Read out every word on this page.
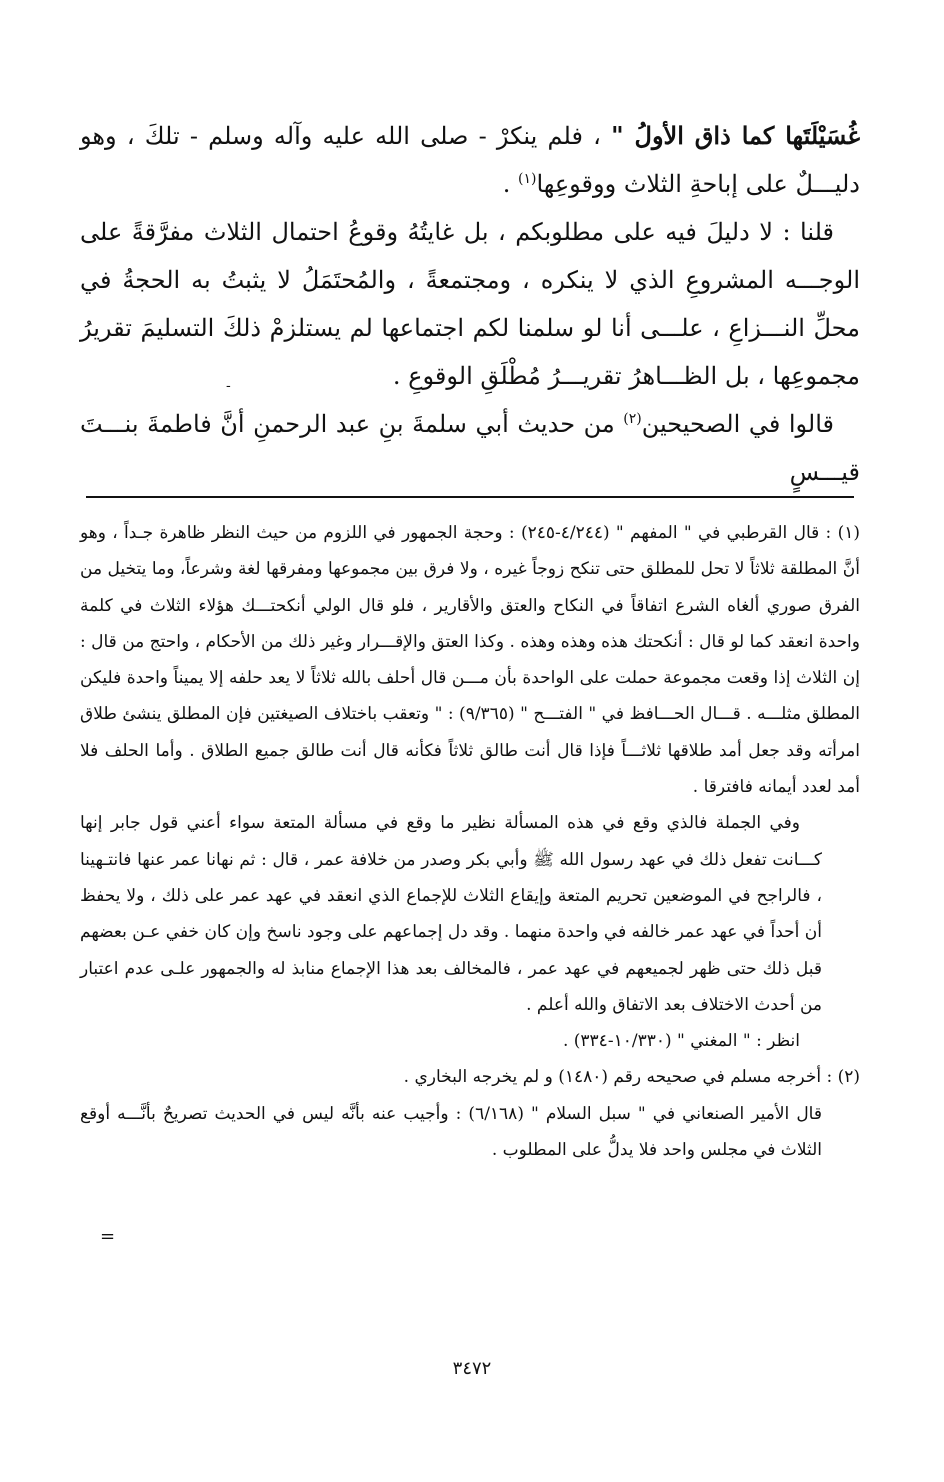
غُسَيْلَتَها كما ذاق الأولُ " ، فلم ينكرْ - صلى الله عليه وآله وسلم - تلكَ ، وهو دليـــلٌ على إباحةِ الثلاث ووقوعِها$^{(١)}$ .

قلنا : لا دليلَ فيه على مطلوبكم ، بل غايتُهُ وقوعُ احتمال الثلاث مفرَّقةً على الوجـــه المشروعِ الذي لا ينكره ، ومجتمعةً ، والمُحتَمَلُ لا يثبتُ به الحجةُ في محلِّ النـــزاعِ ، علـــى أنا لو سلمنا لكم اجتماعها لم يستلزمْ ذلكَ التسليمَ تقريرُ مجموعِها ، بل الظـــاهرُ تقريـــرُ مُطْلَقِ الوقوعِ .

قالوا في الصحيحين$^{(٢)}$ من حديث أبي سلمةَ بنِ عبد الرحمنِ أنَّ فاطمةَ بنـــتَ قيـــسٍ

-

(١) : قال القرطبي في " المفهم " (٤/٢٤٤-٢٤٥) : وحجة الجمهور في اللزوم من حيث النظر ظاهرة جـداً ، وهو أنَّ المطلقة ثلاثاً لا تحل للمطلق حتى تنكح زوجاً غيره ، ولا فرق بين مجموعها ومفرقها لغة وشرعاً، وما يتخيل من الفرق صوري ألغاه الشرع اتفاقاً في النكاح والعتق والأقارير ، فلو قال الولي أنكحتـــك هؤلاء الثلاث في كلمة واحدة انعقد كما لو قال : أنكحتك هذه وهذه وهذه . وكذا العتق والإقـــرار وغير ذلك من الأحكام ، واحتج من قال : إن الثلاث إذا وقعت مجموعة حملت على الواحدة بأن مـــن قال أحلف بالله ثلاثاً لا يعد حلفه إلا يميناً واحدة فليكن المطلق مثلـــه . قـــال الحـــافظ في " الفتـــح " (٩/٣٦٥) : " وتعقب باختلاف الصيغتين فإن المطلق ينشئ طلاق امرأته وقد جعل أمد طلاقها ثلاثـــاً فإذا قال أنت طالق ثلاثاً فكأنه قال أنت طالق جميع الطلاق . وأما الحلف فلا أمد لعدد أيمانه فافترقا .

وفي الجملة فالذي وقع في هذه المسألة نظير ما وقع في مسألة المتعة سواء أعني قول جابر إنها كـــانت تفعل ذلك في عهد رسول الله ﷺ وأبي بكر وصدر من خلافة عمر ، قال : ثم نهانا عمر عنها فانتـهينا ، فالراجح في الموضعين تحريم المتعة وإيقاع الثلاث للإجماع الذي انعقد في عهد عمر على ذلك ، ولا يحفظ أن أحداً في عهد عمر خالفه في واحدة منهما . وقد دل إجماعهم على وجود ناسخ وإن كان خفي عـن بعضهم قبل ذلك حتى ظهر لجميعهم في عهد عمر ، فالمخالف بعد هذا الإجماع منابذ له والجمهور علـى عدم اعتبار من أحدث الاختلاف بعد الاتفاق والله أعلم .

انظر : " المغني " (١٠/٣٣٠-٣٣٤) .

(٢) : أخرجه مسلم في صحيحه رقم (١٤٨٠) و لم يخرجه البخاري .

قال الأمير الصنعاني في " سبل السلام " (٦/١٦٨) : وأجيب عنه بأنَّه ليس في الحديث تصريحٌ بأنَّـــه أوقع الثلاث في مجلس واحد فلا يدلُّ على المطلوب .

=
٣٤٧٢
